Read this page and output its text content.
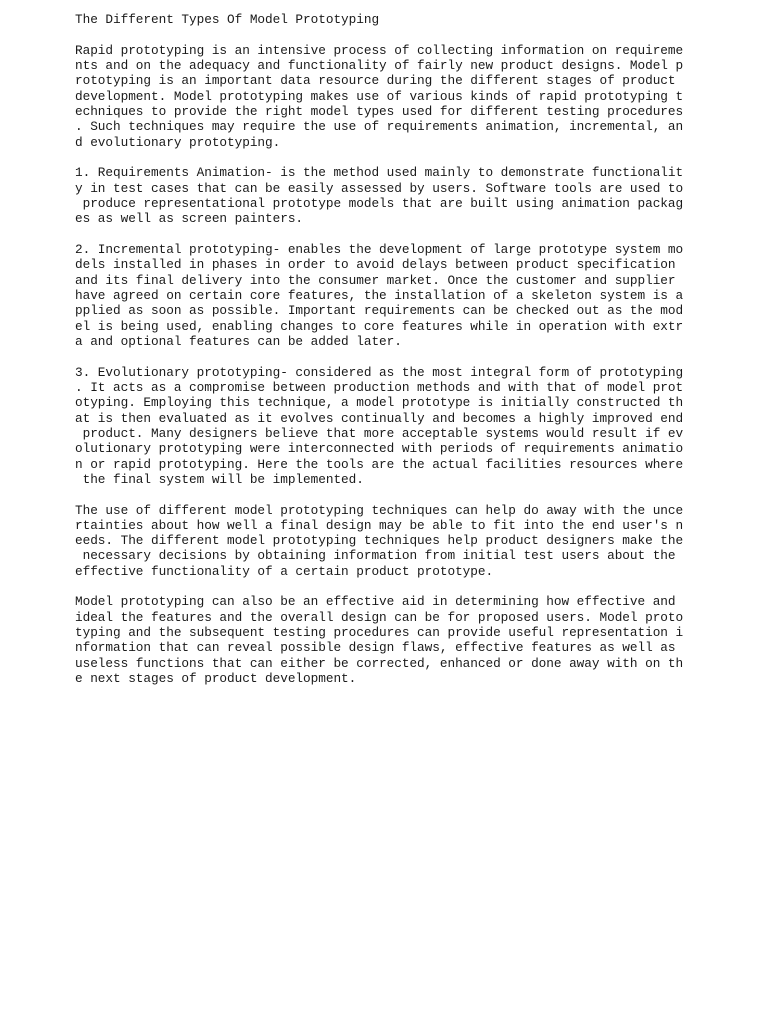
The Different Types Of Model Prototyping
Rapid prototyping is an intensive process of collecting information on requireme
nts and on the adequacy and functionality of fairly new product designs. Model p
rototyping is an important data resource during the different stages of product
development. Model prototyping makes use of various kinds of rapid prototyping t
echniques to provide the right model types used for different testing procedures
. Such techniques may require the use of requirements animation, incremental, an
d evolutionary prototyping.
1. Requirements Animation- is the method used mainly to demonstrate functionalit
y in test cases that can be easily assessed by users. Software tools are used to
produce representational prototype models that are built using animation packag
es as well as screen painters.
2. Incremental prototyping- enables the development of large prototype system mo
dels installed in phases in order to avoid delays between product specification
and its final delivery into the consumer market. Once the customer and supplier
have agreed on certain core features, the installation of a skeleton system is a
pplied as soon as possible. Important requirements can be checked out as the mod
el is being used, enabling changes to core features while in operation with extr
a and optional features can be added later.
3. Evolutionary prototyping- considered as the most integral form of prototyping
. It acts as a compromise between production methods and with that of model prot
otyping. Employing this technique, a model prototype is initially constructed th
at is then evaluated as it evolves continually and becomes a highly improved end
product. Many designers believe that more acceptable systems would result if ev
olutionary prototyping were interconnected with periods of requirements animatio
n or rapid prototyping. Here the tools are the actual facilities resources where
the final system will be implemented.
The use of different model prototyping techniques can help do away with the unce
rtainties about how well a final design may be able to fit into the end user's n
eeds. The different model prototyping techniques help product designers make the
necessary decisions by obtaining information from initial test users about the
effective functionality of a certain product prototype.
Model prototyping can also be an effective aid in determining how effective and
ideal the features and the overall design can be for proposed users. Model proto
typing and the subsequent testing procedures can provide useful representation i
nformation that can reveal possible design flaws, effective features as well as
useless functions that can either be corrected, enhanced or done away with on th
e next stages of product development.
